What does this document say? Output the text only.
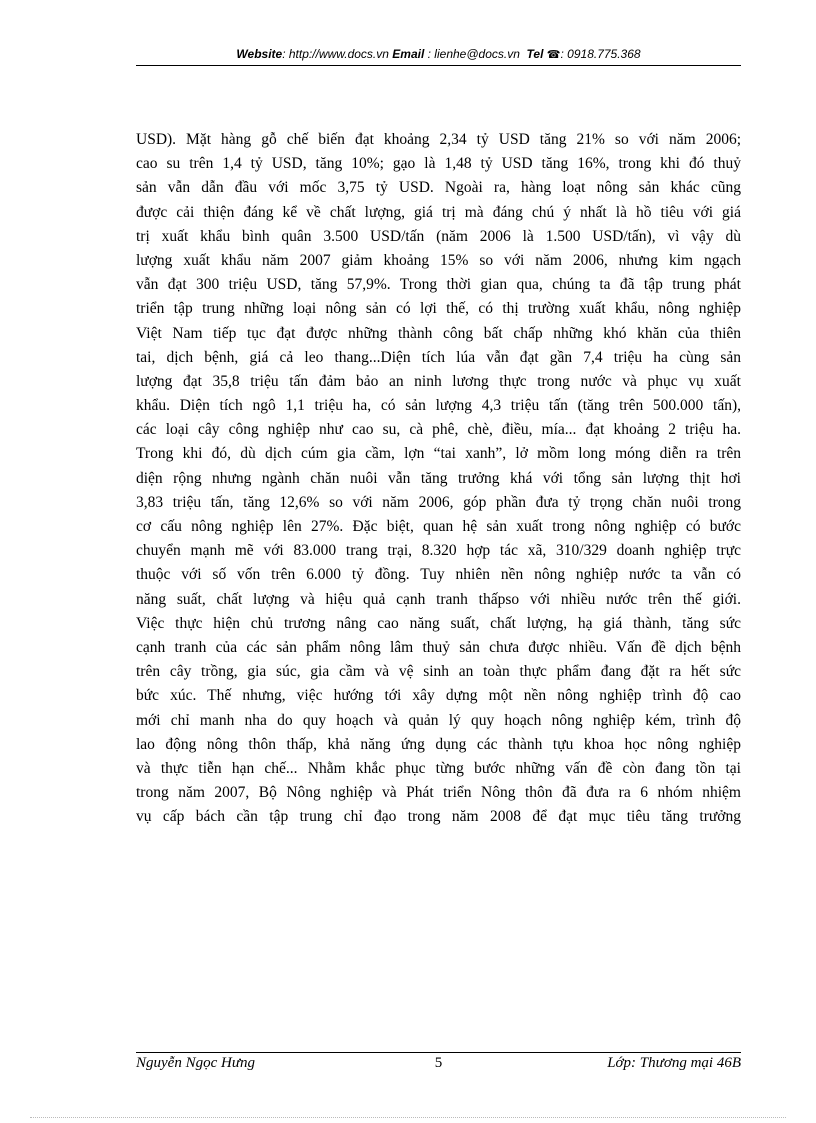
Website: http://www.docs.vn Email : lienhe@docs.vn Tel ☎: 0918.775.368
USD). Mặt hàng gỗ chế biến đạt khoảng 2,34 tỷ USD tăng 21% so với năm 2006;
cao su trên 1,4 tỷ USD, tăng 10%; gạo là 1,48 tỷ USD tăng 16%, trong khi đó thuỷ
sản vẫn dẫn đầu với mốc 3,75 tỷ USD. Ngoài ra, hàng loạt nông sản khác cũng
được cải thiện đáng kể về chất lượng, giá trị mà đáng chú ý nhất là hồ tiêu với giá
trị xuất khẩu bình quân 3.500 USD/tấn (năm 2006 là 1.500 USD/tấn), vì vậy dù
lượng xuất khẩu năm 2007 giảm khoảng 15% so với năm 2006, nhưng kim ngạch
vẫn đạt 300 triệu USD, tăng 57,9%. Trong thời gian qua, chúng ta đã tập trung phát
triển tập trung những loại nông sản có lợi thế, có thị trường xuất khẩu, nông nghiệp
Việt Nam tiếp tục đạt được những thành công bất chấp những khó khăn của thiên
tai, dịch bệnh, giá cả leo thang...Diện tích lúa vẫn đạt gần 7,4 triệu ha cùng sản
lượng đạt 35,8 triệu tấn đảm bảo an ninh lương thực trong nước và phục vụ xuất
khẩu. Diện tích ngô 1,1 triệu ha, có sản lượng 4,3 triệu tấn (tăng trên 500.000 tấn),
các loại cây công nghiệp như cao su, cà phê, chè, điều, mía... đạt khoảng 2 triệu ha.
Trong khi đó, dù dịch cúm gia cầm, lợn “tai xanh”, lở mồm long móng diễn ra trên
diện rộng nhưng ngành chăn nuôi vẫn tăng trưởng khá với tổng sản lượng thịt hơi
3,83 triệu tấn, tăng 12,6% so với năm 2006, góp phần đưa tỷ trọng chăn nuôi trong
cơ cấu nông nghiệp lên 27%. Đặc biệt, quan hệ sản xuất trong nông nghiệp có bước
chuyển mạnh mẽ với 83.000 trang trại, 8.320 hợp tác xã, 310/329 doanh nghiệp trực
thuộc với số vốn trên 6.000 tỷ đồng. Tuy nhiên nền nông nghiệp nước ta vẫn có
năng suất, chất lượng và hiệu quả cạnh tranh thấpso với nhiều nước trên thế giới.
Việc thực hiện chủ trương nâng cao năng suất, chất lượng, hạ giá thành, tăng sức
cạnh tranh của các sản phẩm nông lâm thuỷ sản chưa được nhiều. Vấn đề dịch bệnh
trên cây trồng, gia súc, gia cầm và vệ sinh an toàn thực phẩm đang đặt ra hết sức
bức xúc. Thế nhưng, việc hướng tới xây dựng một nền nông nghiệp trình độ cao
mới chỉ manh nha do quy hoạch và quản lý quy hoạch nông nghiệp kém, trình độ
lao động nông thôn thấp, khả năng ứng dụng các thành tựu khoa học nông nghiệp
và thực tiễn hạn chế... Nhằm khắc phục từng bước những vấn đề còn đang tồn tại
trong năm 2007, Bộ Nông nghiệp và Phát triển Nông thôn đã đưa ra 6 nhóm nhiệm
vụ cấp bách cần tập trung chỉ đạo trong năm 2008 để đạt mục tiêu tăng trưởng
Nguyễn Ngọc Hưng	5	Lớp: Thương mại 46B
